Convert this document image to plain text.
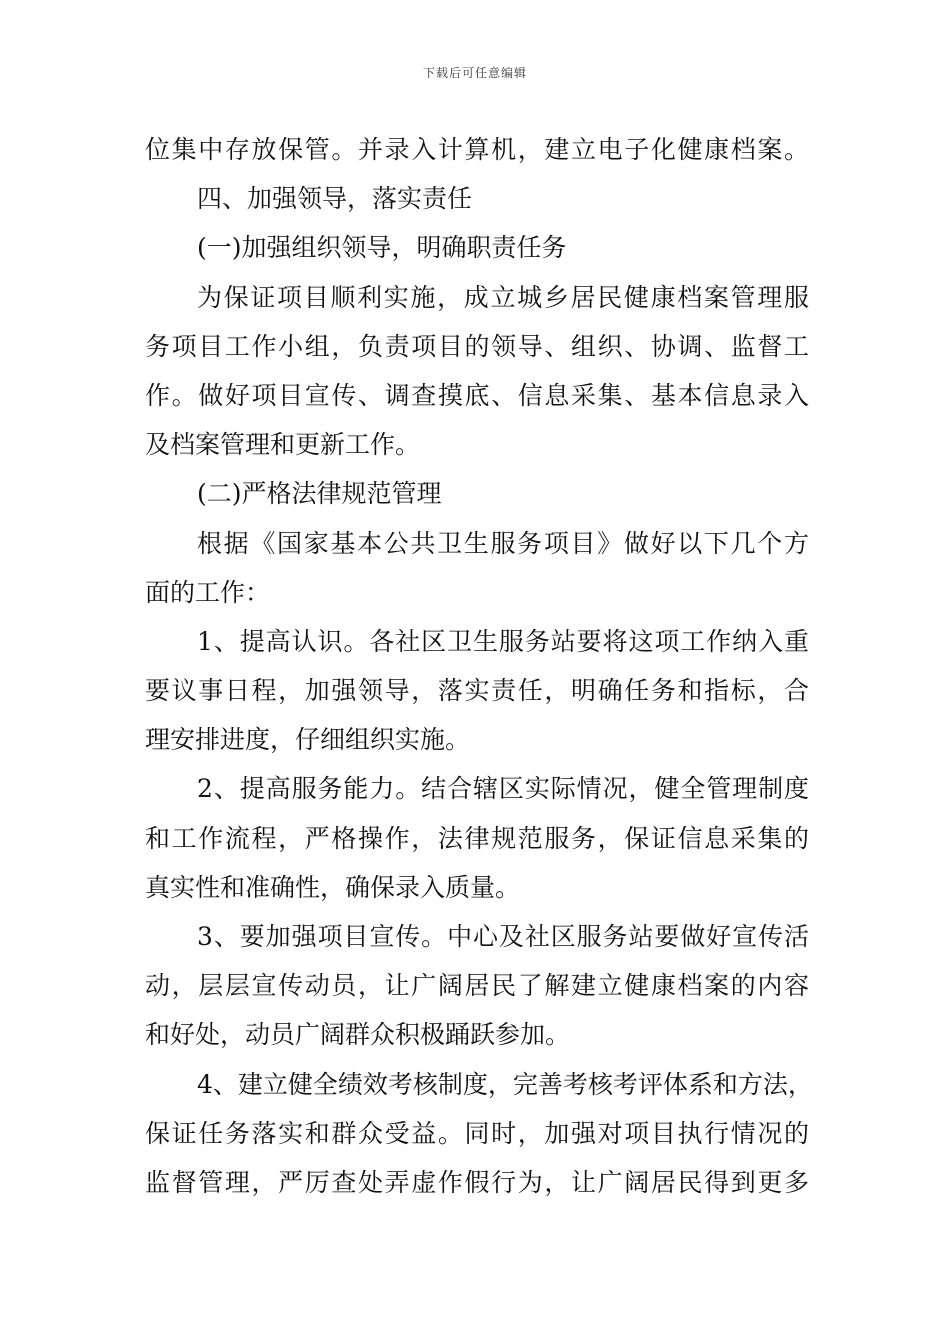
下载后可任意编辑
位集中存放保管。并录入计算机，建立电子化健康档案。
四、加强领导，落实责任
(一)加强组织领导，明确职责任务
为保证项目顺利实施，成立城乡居民健康档案管理服
务项目工作小组，负责项目的领导、组织、协调、监督工
作。做好项目宣传、调查摸底、信息采集、基本信息录入
及档案管理和更新工作。
(二)严格法律规范管理
根据《国家基本公共卫生服务项目》做好以下几个方
面的工作：
1、提高认识。各社区卫生服务站要将这项工作纳入重
要议事日程，加强领导，落实责任，明确任务和指标，合
理安排进度，仔细组织实施。
2、提高服务能力。结合辖区实际情况，健全管理制度
和工作流程，严格操作，法律规范服务，保证信息采集的
真实性和准确性，确保录入质量。
3、要加强项目宣传。中心及社区服务站要做好宣传活
动，层层宣传动员，让广阔居民了解建立健康档案的内容
和好处，动员广阔群众积极踊跃参加。
4、建立健全绩效考核制度，完善考核考评体系和方法，
保证任务落实和群众受益。同时，加强对项目执行情况的
监督管理，严厉查处弄虚作假行为，让广阔居民得到更多
